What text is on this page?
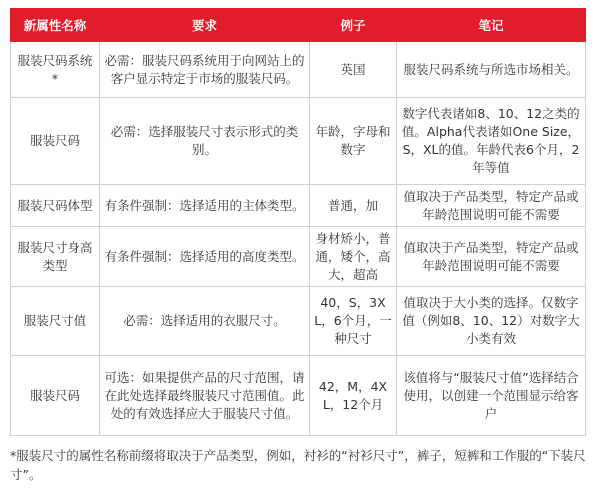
新属性名称	要求	例子	笔记
服装尺码系统*	必需：服装尺码系统用于向网站上的客户显示特定于市场的服装尺码。	英国	服装尺码系统与所选市场相关。
服装尺码	必需：选择服装尺寸表示形式的类别。	年龄，字母和数字	数字代表诸如8、10、12之类的值。Alpha代表诸如One Size，S，XL的值。年龄代表6个月，2年等值
服装尺码体型	有条件强制：选择适用的主体类型。	普通，加	值取决于产品类型，特定产品或年龄范围说明可能不需要
服装尺寸身高类型	有条件强制：选择适用的高度类型。	身材矫小，普通，矮个，高大，超高	值取决于产品类型，特定产品或年龄范围说明可能不需要
服装尺寸值	必需：选择适用的衣服尺寸。	40，S，3XL，6个月，一种尺寸	值取决于大小类的选择。仅数字值（例如8、10、12）对数字大小类有效
服装尺码	可选：如果提供产品的尺寸范围，请在此处选择最终服装尺寸范围值。此处的有效选择应大于服装尺寸值。	42，M，4XL，12个月	该值将与“服装尺寸值”选择结合使用，以创建一个范围显示给客户
*服装尺寸的属性名称前缀将取决于产品类型，例如，衬衫的“衬衫尺寸”，裤子，短裤和工作服的“下装尺寸”。
